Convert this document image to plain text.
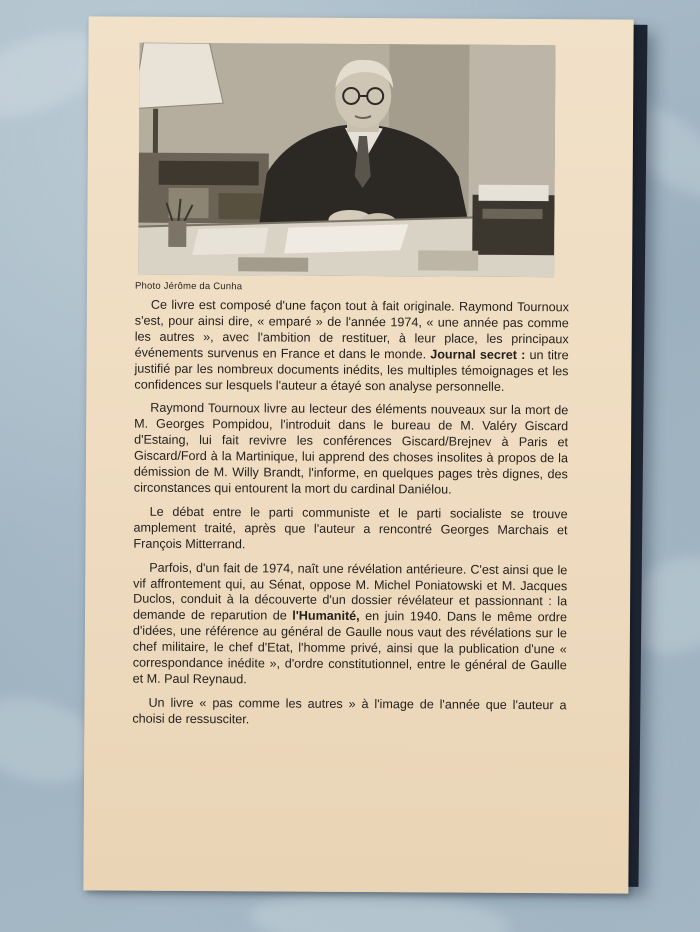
Photo Jérôme da Cunha

Ce livre est composé d'une façon tout à fait originale. Raymond Tournoux s'est, pour ainsi dire, « emparé » de l'année 1974, « une année pas comme les autres », avec l'ambition de restituer, à leur place, les principaux événements survenus en France et dans le monde. Journal secret : un titre justifié par les nombreux documents inédits, les multiples témoignages et les confidences sur lesquels l'auteur a étayé son analyse personnelle.

Raymond Tournoux livre au lecteur des éléments nouveaux sur la mort de M. Georges Pompidou, l'introduit dans le bureau de M. Valéry Giscard d'Estaing, lui fait revivre les conférences Giscard/Brejnev à Paris et Giscard/Ford à la Martinique, lui apprend des choses insolites à propos de la démission de M. Willy Brandt, l'informe, en quelques pages très dignes, des circonstances qui entourent la mort du cardinal Daniélou.

Le débat entre le parti communiste et le parti socialiste se trouve amplement traité, après que l'auteur a rencontré Georges Marchais et François Mitterrand.

Parfois, d'un fait de 1974, naît une révélation antérieure. C'est ainsi que le vif affrontement qui, au Sénat, oppose M. Michel Poniatowski et M. Jacques Duclos, conduit à la découverte d'un dossier révélateur et passionnant : la demande de reparution de l'Humanité, en juin 1940. Dans le même ordre d'idées, une référence au général de Gaulle nous vaut des révélations sur le chef militaire, le chef d'Etat, l'homme privé, ainsi que la publication d'une « correspondance inédite », d'ordre constitutionnel, entre le général de Gaulle et M. Paul Reynaud.

Un livre « pas comme les autres » à l'image de l'année que l'auteur a choisi de ressusciter.
